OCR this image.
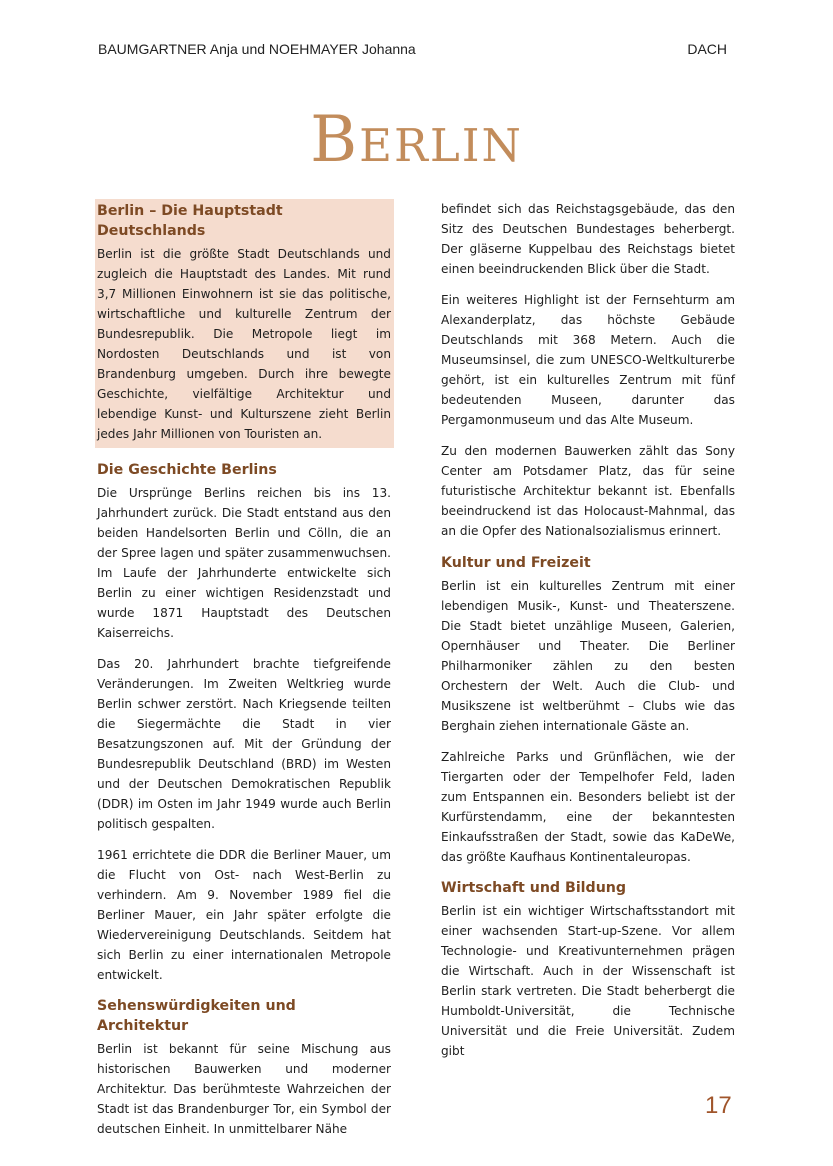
BAUMGARTNER Anja und NOEHMAYER Johanna	DACH
Berlin
Berlin – Die Hauptstadt Deutschlands

Berlin ist die größte Stadt Deutschlands und zugleich die Hauptstadt des Landes. Mit rund 3,7 Millionen Einwohnern ist sie das politische, wirtschaftliche und kulturelle Zentrum der Bundesrepublik. Die Metropole liegt im Nordosten Deutschlands und ist von Brandenburg umgeben. Durch ihre bewegte Geschichte, vielfältige Architektur und lebendige Kunst- und Kulturszene zieht Berlin jedes Jahr Millionen von Touristen an.

Die Geschichte Berlins

Die Ursprünge Berlins reichen bis ins 13. Jahrhundert zurück. Die Stadt entstand aus den beiden Handelsorten Berlin und Cölln, die an der Spree lagen und später zusammenwuchsen. Im Laufe der Jahrhunderte entwickelte sich Berlin zu einer wichtigen Residenzstadt und wurde 1871 Hauptstadt des Deutschen Kaiserreichs.

Das 20. Jahrhundert brachte tiefgreifende Veränderungen. Im Zweiten Weltkrieg wurde Berlin schwer zerstört. Nach Kriegsende teilten die Siegermächte die Stadt in vier Besatzungszonen auf. Mit der Gründung der Bundesrepublik Deutschland (BRD) im Westen und der Deutschen Demokratischen Republik (DDR) im Osten im Jahr 1949 wurde auch Berlin politisch gespalten.

1961 errichtete die DDR die Berliner Mauer, um die Flucht von Ost- nach West-Berlin zu verhindern. Am 9. November 1989 fiel die Berliner Mauer, ein Jahr später erfolgte die Wiedervereinigung Deutschlands. Seitdem hat sich Berlin zu einer internationalen Metropole entwickelt.

Sehenswürdigkeiten und Architektur

Berlin ist bekannt für seine Mischung aus historischen Bauwerken und moderner Architektur. Das berühmteste Wahrzeichen der Stadt ist das Brandenburger Tor, ein Symbol der deutschen Einheit. In unmittelbarer Nähe

befindet sich das Reichstagsgebäude, das den Sitz des Deutschen Bundestages beherbergt. Der gläserne Kuppelbau des Reichstags bietet einen beeindruckenden Blick über die Stadt.

Ein weiteres Highlight ist der Fernsehturm am Alexanderplatz, das höchste Gebäude Deutschlands mit 368 Metern. Auch die Museumsinsel, die zum UNESCO-Weltkulturerbe gehört, ist ein kulturelles Zentrum mit fünf bedeutenden Museen, darunter das Pergamonmuseum und das Alte Museum.

Zu den modernen Bauwerken zählt das Sony Center am Potsdamer Platz, das für seine futuristische Architektur bekannt ist. Ebenfalls beeindruckend ist das Holocaust-Mahnmal, das an die Opfer des Nationalsozialismus erinnert.

Kultur und Freizeit

Berlin ist ein kulturelles Zentrum mit einer lebendigen Musik-, Kunst- und Theaterszene. Die Stadt bietet unzählige Museen, Galerien, Opernhäuser und Theater. Die Berliner Philharmoniker zählen zu den besten Orchestern der Welt. Auch die Club- und Musikszene ist weltberühmt – Clubs wie das Berghain ziehen internationale Gäste an.

Zahlreiche Parks und Grünflächen, wie der Tiergarten oder der Tempelhofer Feld, laden zum Entspannen ein. Besonders beliebt ist der Kurfürstendamm, eine der bekanntesten Einkaufsstraßen der Stadt, sowie das KaDeWe, das größte Kaufhaus Kontinentaleuropas.

Wirtschaft und Bildung

Berlin ist ein wichtiger Wirtschaftsstandort mit einer wachsenden Start-up-Szene. Vor allem Technologie- und Kreativunternehmen prägen die Wirtschaft. Auch in der Wissenschaft ist Berlin stark vertreten. Die Stadt beherbergt die Humboldt-Universität, die Technische Universität und die Freie Universität. Zudem gibt

17
